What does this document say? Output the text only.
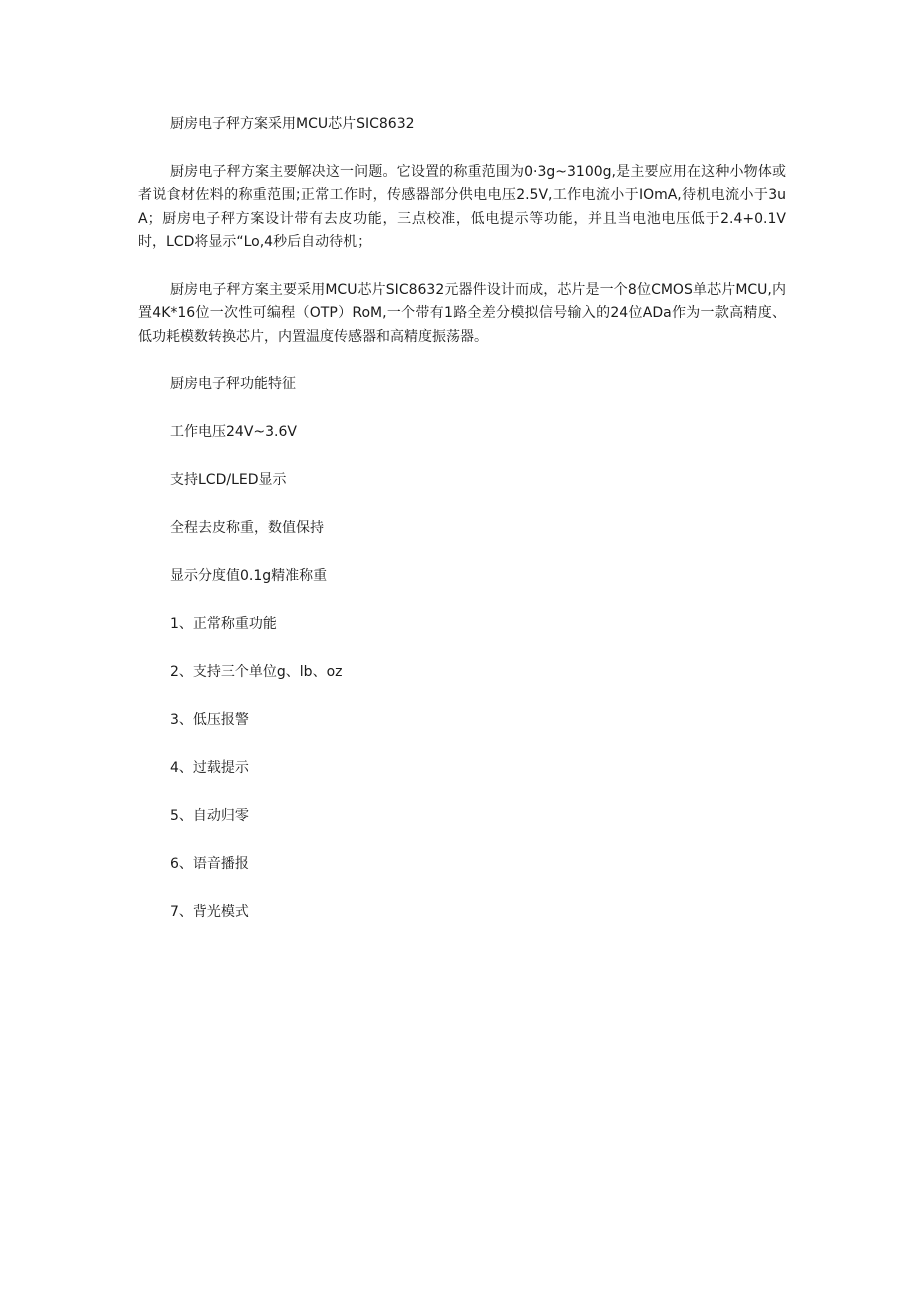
厨房电子秤方案采用MCU芯片SIC8632

厨房电子秤方案主要解决这一问题。它设置的称重范围为0·3g~3100g,是主要应用在这种小物体或者说食材佐料的称重范围;正常工作时，传感器部分供电电压2.5V,工作电流小于IOmA,待机电流小于3uA；厨房电子秤方案设计带有去皮功能，三点校准，低电提示等功能，并且当电池电压低于2.4+0.1V时，LCD将显示“Lo,4秒后自动待机；

厨房电子秤方案主要采用MCU芯片SIC8632元器件设计而成，芯片是一个8位CMOS单芯片MCU,内置4K*16位一次性可编程（OTP）RoM,一个带有1路全差分模拟信号输入的24位ADa作为一款高精度、低功耗模数转换芯片，内置温度传感器和高精度振荡器。

厨房电子秤功能特征

工作电压24V~3.6V

支持LCD/LED显示

全程去皮称重，数值保持

显示分度值0.1g精准称重

1、正常称重功能

2、支持三个单位g、lb、oz

3、低压报警

4、过载提示

5、自动归零

6、语音播报

7、背光模式
